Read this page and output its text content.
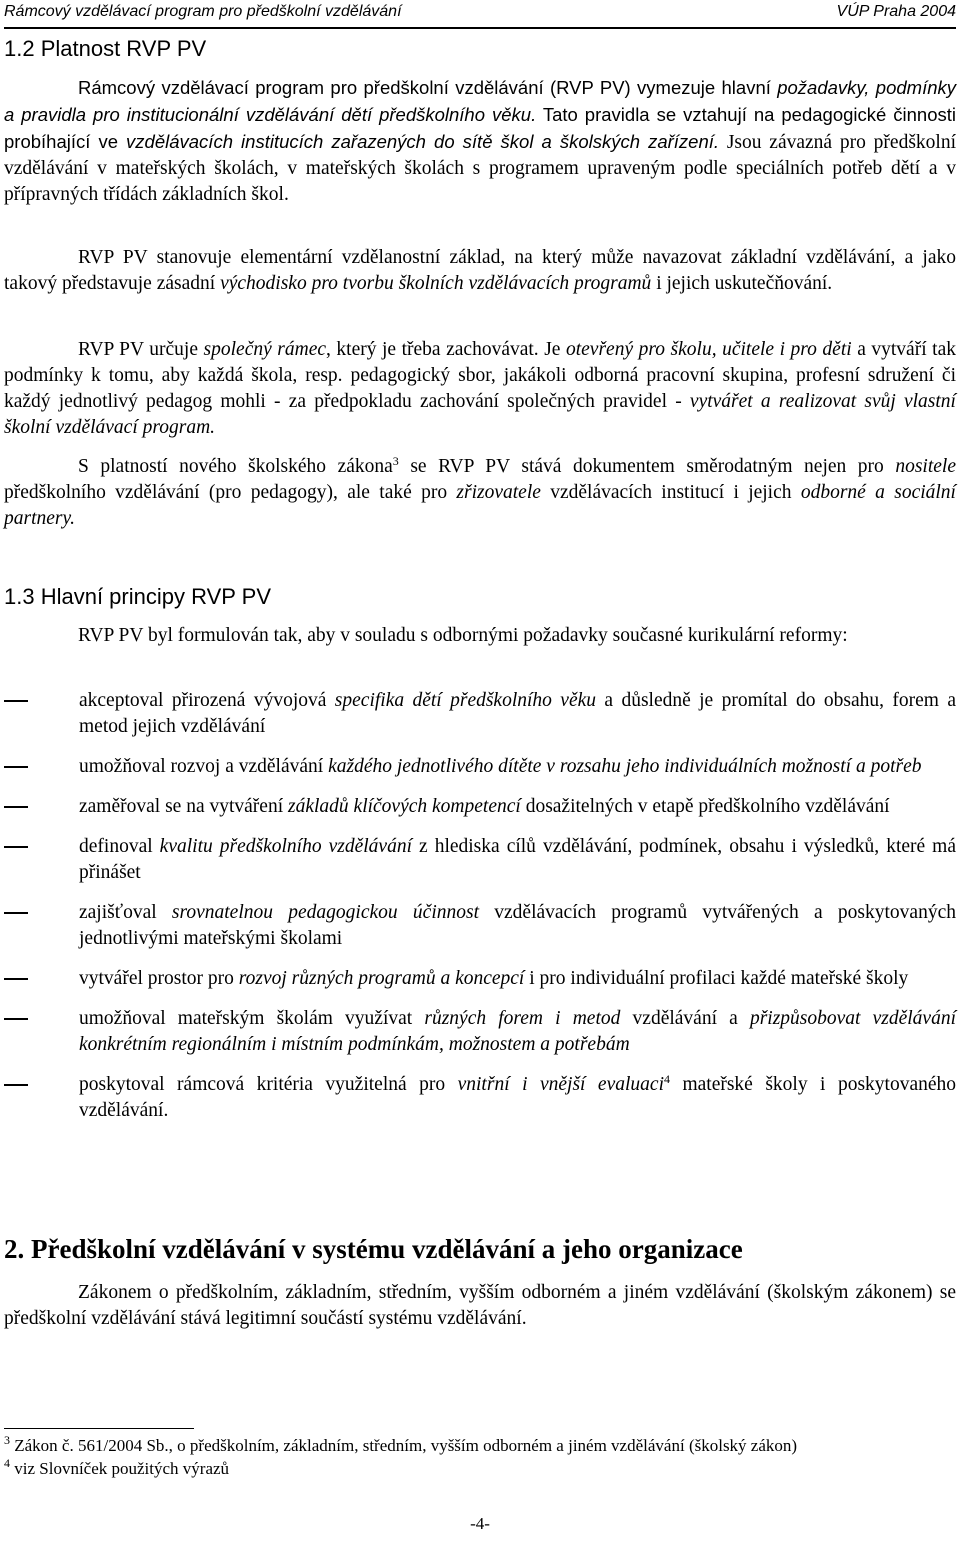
Rámcový vzdělávací program pro předškolní vzdělávání	VÚP Praha 2004
1.2 Platnost RVP PV

Rámcový vzdělávací program pro předškolní vzdělávání (RVP PV) vymezuje hlavní požadavky, podmínky a pravidla pro institucionální vzdělávání dětí předškolního věku. Tato pravidla se vztahují na pedagogické činnosti probíhající ve vzdělávacích institucích zařazených do sítě škol a školských zařízení. Jsou závazná pro předškolní vzdělávání v mateřských školách, v mateřských školách s programem upraveným podle speciálních potřeb dětí a v přípravných třídách základních škol.

RVP PV stanovuje elementární vzdělanostní základ, na který může navazovat základní vzdělávání, a jako takový představuje zásadní východisko pro tvorbu školních vzdělávacích programů i jejich uskutečňování.

RVP PV určuje společný rámec, který je třeba zachovávat. Je otevřený pro školu, učitele i pro děti a vytváří tak podmínky k tomu, aby každá škola, resp. pedagogický sbor, jakákoli odborná pracovní skupina, profesní sdružení či každý jednotlivý pedagog mohli - za předpokladu zachování společných pravidel - vytvářet a realizovat svůj vlastní školní vzdělávací program.

S platností nového školského zákona$^3$ se RVP PV stává dokumentem směrodatným nejen pro nositele předškolního vzdělávání (pro pedagogy), ale také pro zřizovatele vzdělávacích institucí i jejich odborné a sociální partnery.

1.3 Hlavní principy RVP PV

RVP PV byl formulován tak, aby v souladu s odbornými požadavky současné kurikulární reformy:

akceptoval přirozená vývojová specifika dětí předškolního věku a důsledně je promítal do obsahu, forem a metod jejich vzdělávání
umožňoval rozvoj a vzdělávání každého jednotlivého dítěte v rozsahu jeho individuálních možností a potřeb
zaměřoval se na vytváření základů klíčových kompetencí dosažitelných v etapě předškolního vzdělávání
definoval kvalitu předškolního vzdělávání z hlediska cílů vzdělávání, podmínek, obsahu i výsledků, které má přinášet
zajišťoval srovnatelnou pedagogickou účinnost vzdělávacích programů vytvářených a poskytovaných jednotlivými mateřskými školami
vytvářel prostor pro rozvoj různých programů a koncepcí i pro individuální profilaci každé mateřské školy
umožňoval mateřským školám využívat různých forem i metod vzdělávání a přizpůsobovat vzdělávání konkrétním regionálním i místním podmínkám, možnostem a potřebám
poskytoval rámcová kritéria využitelná pro vnitřní i vnější evaluaci$^4$ mateřské školy i poskytovaného vzdělávání.
2. Předškolní vzdělávání v systému vzdělávání a jeho organizace

Zákonem o předškolním, základním, středním, vyšším odborném a jiném vzdělávání (školským zákonem) se předškolní vzdělávání stává legitimní součástí systému vzdělávání.

$^3$ Zákon č. 561/2004 Sb., o předškolním, základním, středním, vyšším odborném a jiném vzdělávání (školský zákon)

$^4$ viz Slovníček použitých výrazů

-4-
